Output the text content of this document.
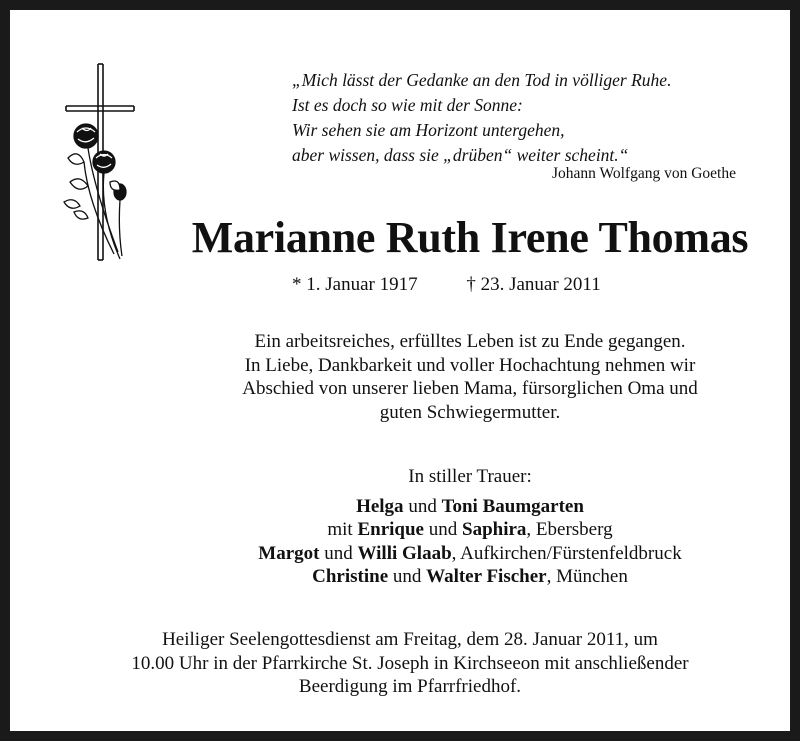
„Mich lässt der Gedanke an den Tod in völliger Ruhe.
Ist es doch so wie mit der Sonne:
Wir sehen sie am Horizont untergehen,
aber wissen, dass sie „drüben“ weiter scheint.“
Johann Wolfgang von Goethe
Marianne Ruth Irene Thomas
* 1. Januar 1917	† 23. Januar 2011
Ein arbeitsreiches, erfülltes Leben ist zu Ende gegangen.
In Liebe, Dankbarkeit und voller Hochachtung nehmen wir
Abschied von unserer lieben Mama, fürsorglichen Oma und
guten Schwiegermutter.
In stiller Trauer:
Helga und Toni Baumgarten
mit Enrique und Saphira, Ebersberg
Margot und Willi Glaab, Aufkirchen/Fürstenfeldbruck
Christine und Walter Fischer, München
Heiliger Seelengottesdienst am Freitag, dem 28. Januar 2011, um
10.00 Uhr in der Pfarrkirche St. Joseph in Kirchseeon mit anschließender
Beerdigung im Pfarrfriedhof.
